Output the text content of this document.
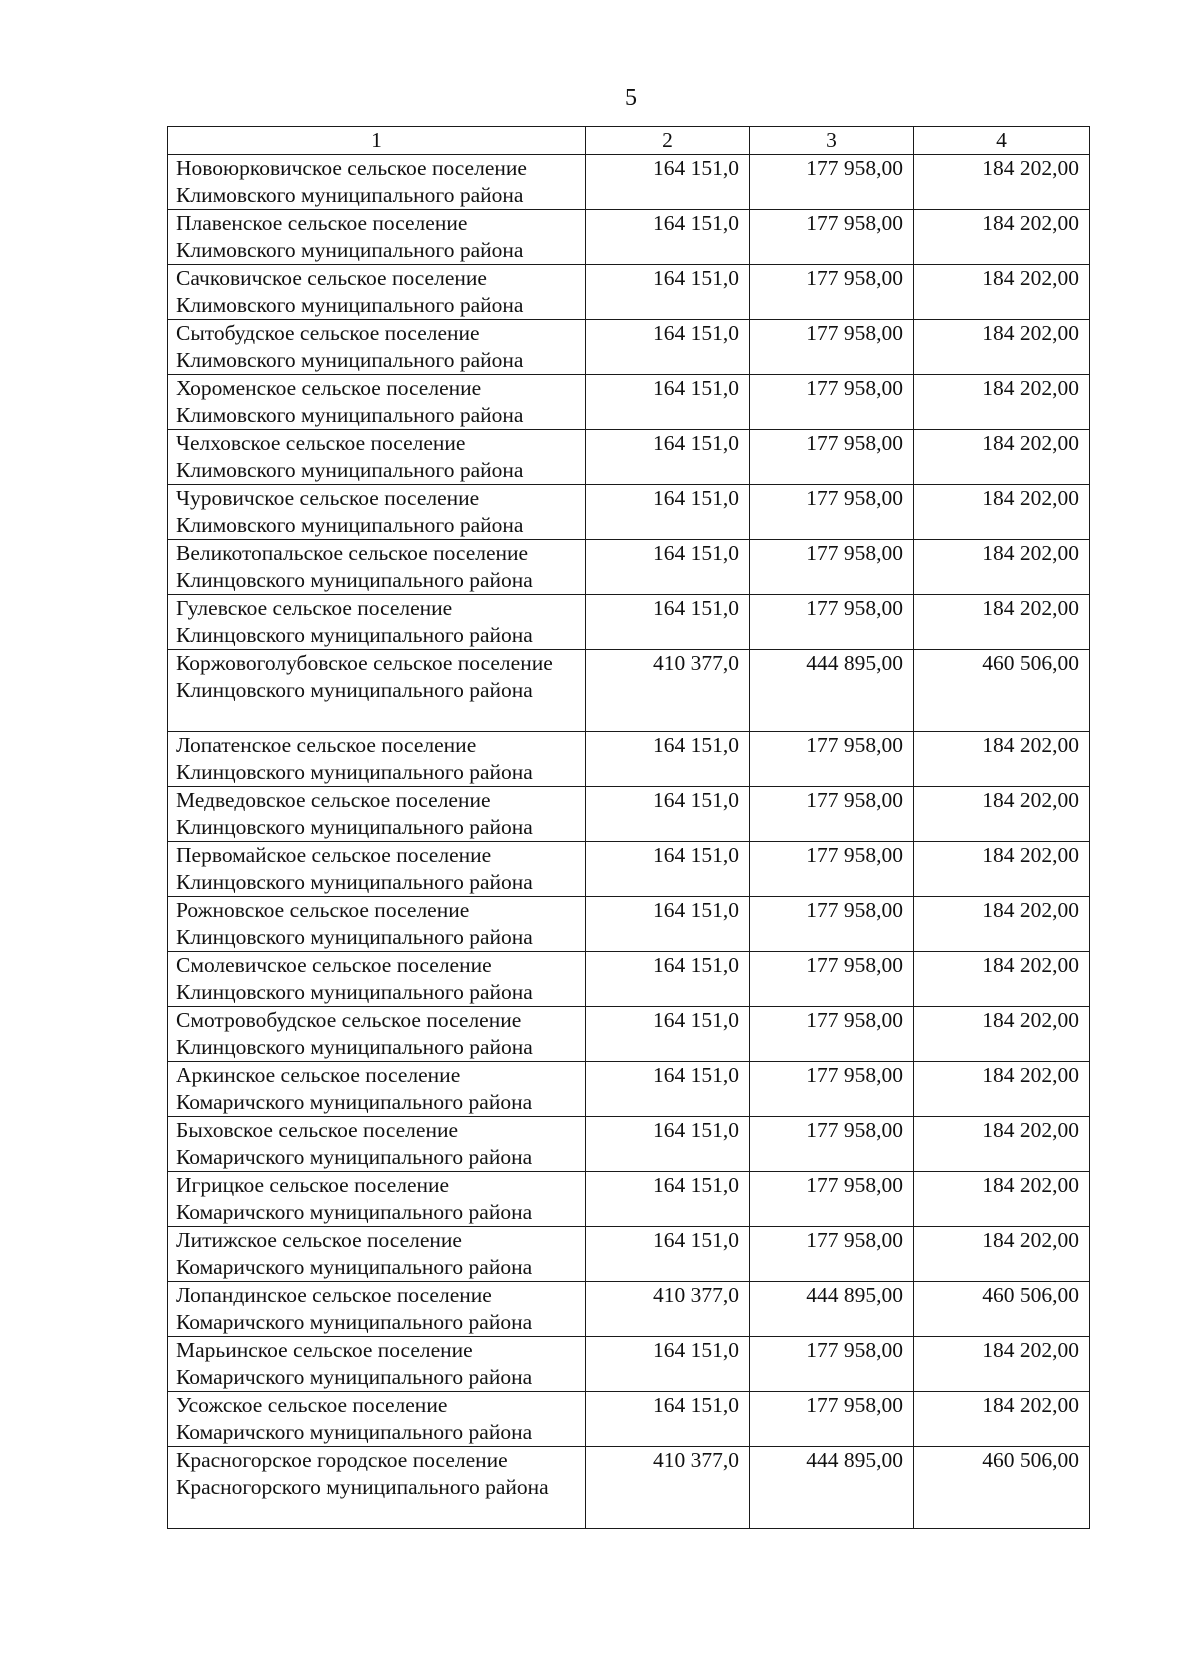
5
1	2	3	4
Новоюрковичское сельское поселение Климовского муниципального района	164 151,0	177 958,00	184 202,00
Плавенское сельское поселение Климовского муниципального района	164 151,0	177 958,00	184 202,00
Сачковичское сельское поселение Климовского муниципального района	164 151,0	177 958,00	184 202,00
Сытобудское сельское поселение Климовского муниципального района	164 151,0	177 958,00	184 202,00
Хороменское сельское поселение Климовского муниципального района	164 151,0	177 958,00	184 202,00
Челховское сельское поселение Климовского муниципального района	164 151,0	177 958,00	184 202,00
Чуровичское сельское поселение Климовского муниципального района	164 151,0	177 958,00	184 202,00
Великотопальское сельское поселение Клинцовского муниципального района	164 151,0	177 958,00	184 202,00
Гулевское сельское поселение Клинцовского муниципального района	164 151,0	177 958,00	184 202,00
Коржовоголубовское сельское поселение Клинцовского муниципального района	410 377,0	444 895,00	460 506,00
Лопатенское сельское поселение Клинцовского муниципального района	164 151,0	177 958,00	184 202,00
Медведовское сельское поселение Клинцовского муниципального района	164 151,0	177 958,00	184 202,00
Первомайское сельское поселение Клинцовского муниципального района	164 151,0	177 958,00	184 202,00
Рожновское сельское поселение Клинцовского муниципального района	164 151,0	177 958,00	184 202,00
Смолевичское сельское поселение Клинцовского муниципального района	164 151,0	177 958,00	184 202,00
Смотровобудское сельское поселение Клинцовского муниципального района	164 151,0	177 958,00	184 202,00
Аркинское сельское поселение Комаричского муниципального района	164 151,0	177 958,00	184 202,00
Быховское сельское поселение Комаричского муниципального района	164 151,0	177 958,00	184 202,00
Игрицкое сельское поселение Комаричского муниципального района	164 151,0	177 958,00	184 202,00
Литижское сельское поселение Комаричского муниципального района	164 151,0	177 958,00	184 202,00
Лопандинское сельское поселение Комаричского муниципального района	410 377,0	444 895,00	460 506,00
Марьинское сельское поселение Комаричского муниципального района	164 151,0	177 958,00	184 202,00
Усожское сельское поселение Комаричского муниципального района	164 151,0	177 958,00	184 202,00
Красногорское городское поселение Красногорского муниципального района	410 377,0	444 895,00	460 506,00
